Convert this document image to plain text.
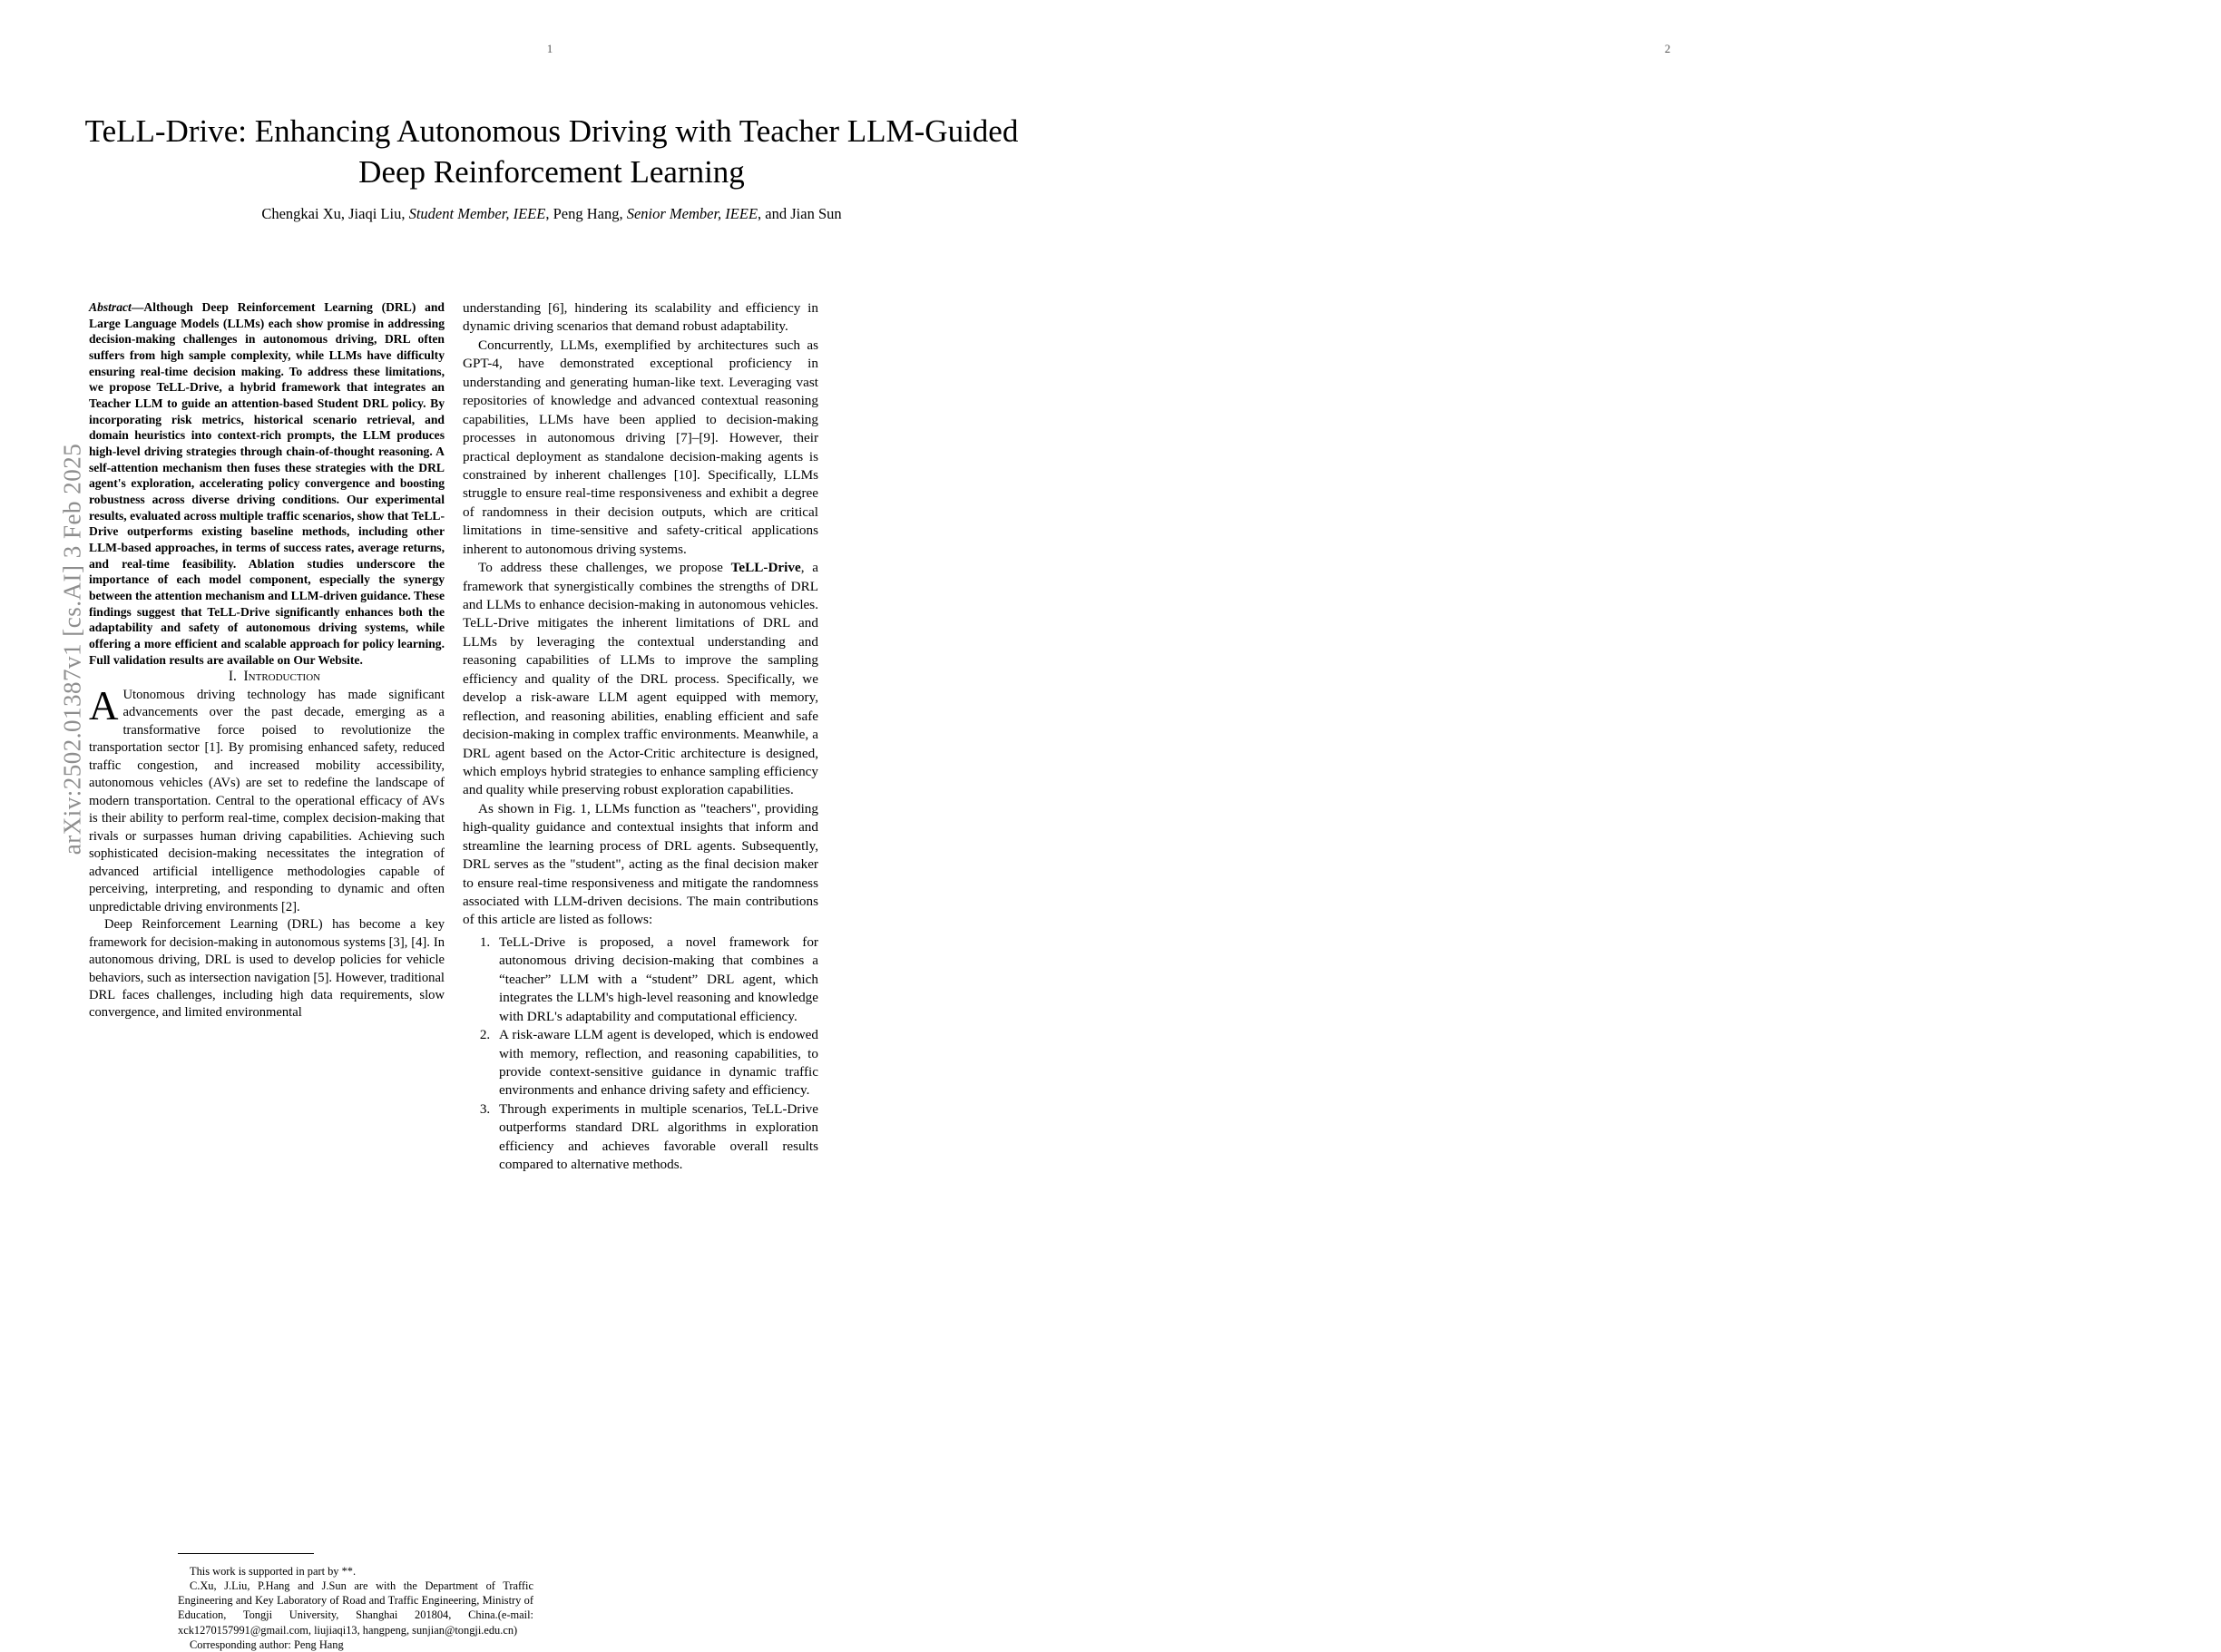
1
arXiv:2502.01387v1 [cs.AI] 3 Feb 2025
TeLL-Drive: Enhancing Autonomous Driving with Teacher LLM-Guided Deep Reinforcement Learning
Chengkai Xu, Jiaqi Liu, Student Member, IEEE, Peng Hang, Senior Member, IEEE, and Jian Sun

Abstract—Although Deep Reinforcement Learning (DRL) and Large Language Models (LLMs) each show promise in addressing decision-making challenges in autonomous driving, DRL often suffers from high sample complexity, while LLMs have difficulty ensuring real-time decision making. To address these limitations, we propose TeLL-Drive, a hybrid framework that integrates an Teacher LLM to guide an attention-based Student DRL policy. By incorporating risk metrics, historical scenario retrieval, and domain heuristics into context-rich prompts, the LLM produces high-level driving strategies through chain-of-thought reasoning. A self-attention mechanism then fuses these strategies with the DRL agent's exploration, accelerating policy convergence and boosting robustness across diverse driving conditions. Our experimental results, evaluated across multiple traffic scenarios, show that TeLL-Drive outperforms existing baseline methods, including other LLM-based approaches, in terms of success rates, average returns, and real-time feasibility. Ablation studies underscore the importance of each model component, especially the synergy between the attention mechanism and LLM-driven guidance. These findings suggest that TeLL-Drive significantly enhances both the adaptability and safety of autonomous driving systems, while offering a more efficient and scalable approach for policy learning. Full validation results are available on Our Website.

I. Introduction

A Utonomous driving technology has made significant advancements over the past decade, emerging as a transformative force poised to revolutionize the transportation sector [1]. By promising enhanced safety, reduced traffic congestion, and increased mobility accessibility, autonomous vehicles (AVs) are set to redefine the landscape of modern transportation. Central to the operational efficacy of AVs is their ability to perform real-time, complex decision-making that rivals or surpasses human driving capabilities. Achieving such sophisticated decision-making necessitates the integration of advanced artificial intelligence methodologies capable of perceiving, interpreting, and responding to dynamic and often unpredictable driving environments [2].

Deep Reinforcement Learning (DRL) has become a key framework for decision-making in autonomous systems [3], [4]. In autonomous driving, DRL is used to develop policies for vehicle behaviors, such as intersection navigation [5]. However, traditional DRL faces challenges, including high data requirements, slow convergence, and limited environmental

This work is supported in part by **.

C.Xu, J.Liu, P.Hang and J.Sun are with the Department of Traffic Engineering and Key Laboratory of Road and Traffic Engineering, Ministry of Education, Tongji University, Shanghai 201804, China.(e-mail: xck1270157991@gmail.com, liujiaqi13, hangpeng, sunjian@tongji.edu.cn)

Corresponding author: Peng Hang

understanding [6], hindering its scalability and efficiency in dynamic driving scenarios that demand robust adaptability.

Concurrently, LLMs, exemplified by architectures such as GPT-4, have demonstrated exceptional proficiency in understanding and generating human-like text. Leveraging vast repositories of knowledge and advanced contextual reasoning capabilities, LLMs have been applied to decision-making processes in autonomous driving [7]–[9]. However, their practical deployment as standalone decision-making agents is constrained by inherent challenges [10]. Specifically, LLMs struggle to ensure real-time responsiveness and exhibit a degree of randomness in their decision outputs, which are critical limitations in time-sensitive and safety-critical applications inherent to autonomous driving systems.

To address these challenges, we propose TeLL-Drive, a framework that synergistically combines the strengths of DRL and LLMs to enhance decision-making in autonomous vehicles. TeLL-Drive mitigates the inherent limitations of DRL and LLMs by leveraging the contextual understanding and reasoning capabilities of LLMs to improve the sampling efficiency and quality of the DRL process. Specifically, we develop a risk-aware LLM agent equipped with memory, reflection, and reasoning abilities, enabling efficient and safe decision-making in complex traffic environments. Meanwhile, a DRL agent based on the Actor-Critic architecture is designed, which employs hybrid strategies to enhance sampling efficiency and quality while preserving robust exploration capabilities.

As shown in Fig. 1, LLMs function as "teachers", providing high-quality guidance and contextual insights that inform and streamline the learning process of DRL agents. Subsequently, DRL serves as the "student", acting as the final decision maker to ensure real-time responsiveness and mitigate the randomness associated with LLM-driven decisions. The main contributions of this article are listed as follows:

1. TeLL-Drive is proposed, a novel framework for autonomous driving decision-making that combines a “teacher” LLM with a “student” DRL agent, which integrates the LLM's high-level reasoning and knowledge with DRL's adaptability and computational efficiency.
2. A risk-aware LLM agent is developed, which is endowed with memory, reflection, and reasoning capabilities, to provide context-sensitive guidance in dynamic traffic environments and enhance driving safety and efficiency.
3. Through experiments in multiple scenarios, TeLL-Drive outperforms standard DRL algorithms in exploration efficiency and achieves favorable overall results compared to alternative methods.
2
